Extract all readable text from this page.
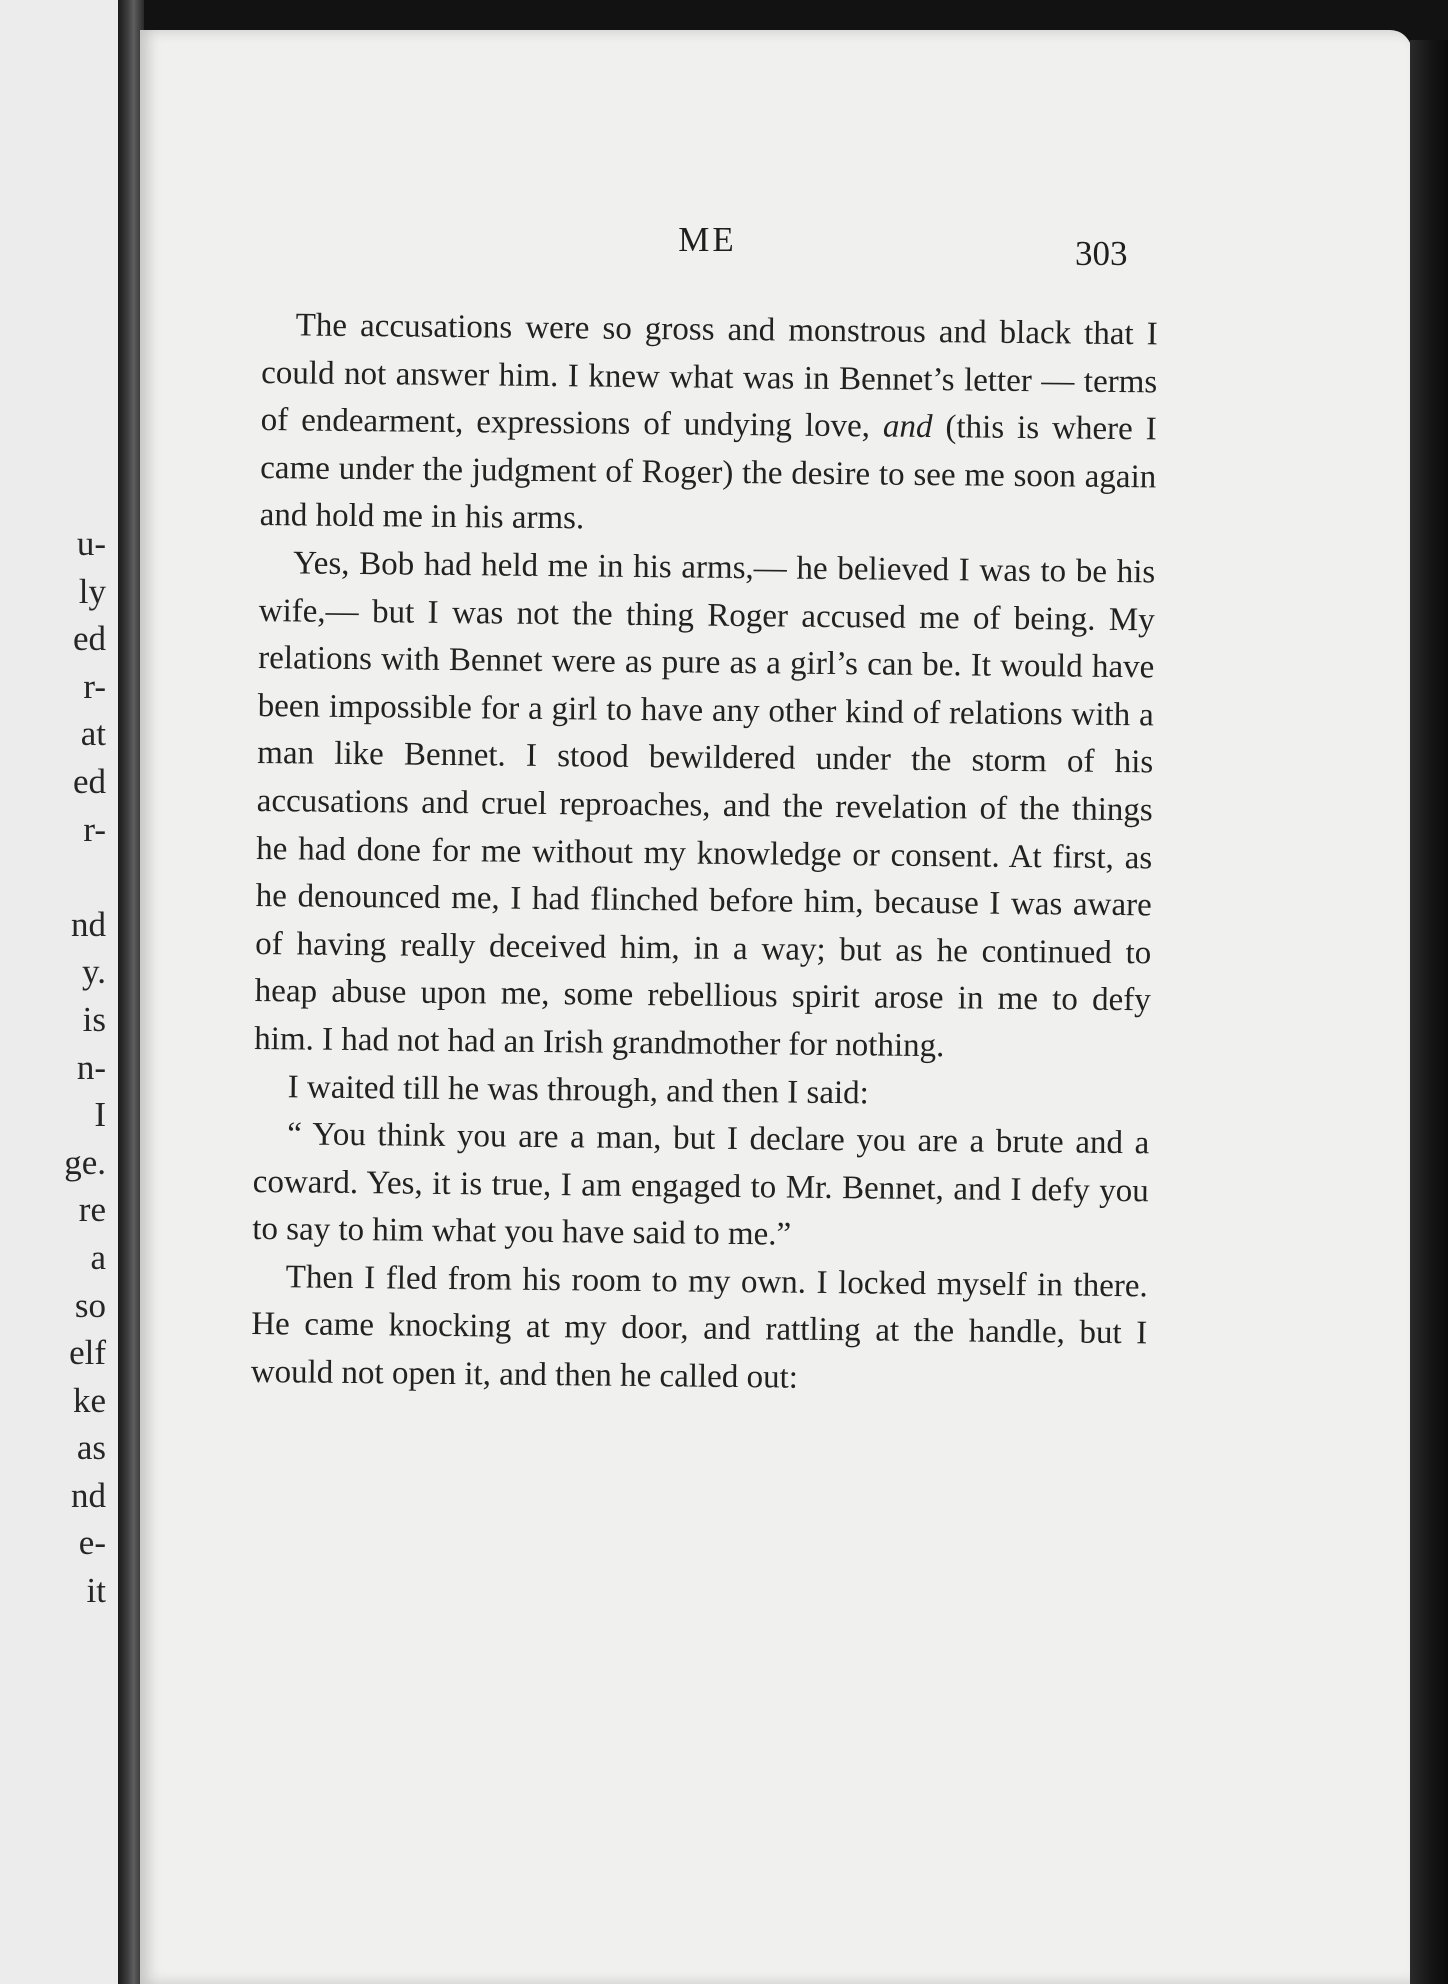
u-
ly
ed
r-
at
ed
r-
nd
y.
is
n-
I
ge.
re
a
so
elf
ke
as
nd
e-
it
ME	303

The accusations were so gross and monstrous and black that I could not answer him. I knew what was in Bennet’s letter — terms of endearment, expressions of undying love, and (this is where I came under the judgment of Roger) the desire to see me soon again and hold me in his arms.

Yes, Bob had held me in his arms,— he believed I was to be his wife,— but I was not the thing Roger accused me of being. My relations with Bennet were as pure as a girl’s can be. It would have been impossible for a girl to have any other kind of relations with a man like Bennet. I stood bewildered under the storm of his accusations and cruel reproaches, and the revelation of the things he had done for me without my knowledge or consent. At first, as he denounced me, I had flinched before him, because I was aware of having really deceived him, in a way; but as he continued to heap abuse upon me, some rebellious spirit arose in me to defy him. I had not had an Irish grandmother for nothing.

I waited till he was through, and then I said:

“ You think you are a man, but I declare you are a brute and a coward. Yes, it is true, I am engaged to Mr. Bennet, and I defy you to say to him what you have said to me.”

Then I fled from his room to my own. I locked myself in there. He came knocking at my door, and rattling at the handle, but I would not open it, and then he called out:
